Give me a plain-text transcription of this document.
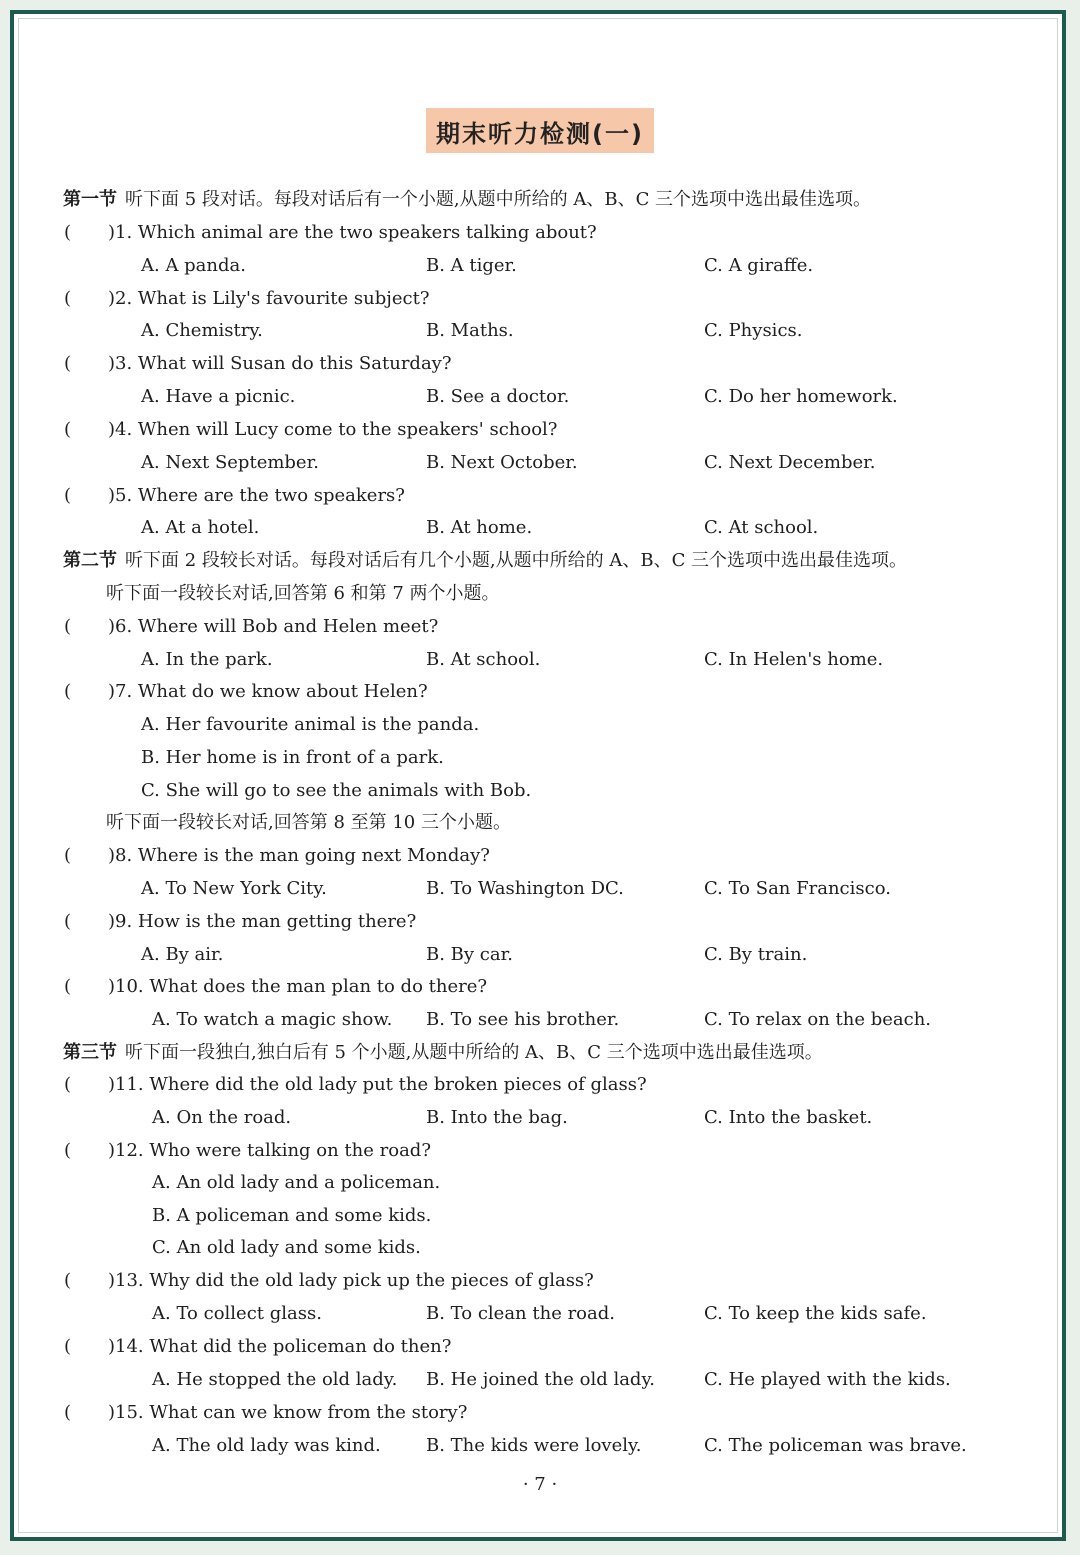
期末听力检测(一)
第一节 听下面 5 段对话。每段对话后有一个小题,从题中所给的 A、B、C 三个选项中选出最佳选项。
( )1. Which animal are the two speakers talking about?
A. A panda.	B. A tiger.	C. A giraffe.
( )2. What is Lily's favourite subject?
A. Chemistry.	B. Maths.	C. Physics.
( )3. What will Susan do this Saturday?
A. Have a picnic.	B. See a doctor.	C. Do her homework.
( )4. When will Lucy come to the speakers' school?
A. Next September.	B. Next October.	C. Next December.
( )5. Where are the two speakers?
A. At a hotel.	B. At home.	C. At school.
第二节 听下面 2 段较长对话。每段对话后有几个小题,从题中所给的 A、B、C 三个选项中选出最佳选项。
听下面一段较长对话,回答第 6 和第 7 两个小题。
( )6. Where will Bob and Helen meet?
A. In the park.	B. At school.	C. In Helen's home.
( )7. What do we know about Helen?
A. Her favourite animal is the panda.
B. Her home is in front of a park.
C. She will go to see the animals with Bob.
听下面一段较长对话,回答第 8 至第 10 三个小题。
( )8. Where is the man going next Monday?
A. To New York City.	B. To Washington DC.	C. To San Francisco.
( )9. How is the man getting there?
A. By air.	B. By car.	C. By train.
( )10. What does the man plan to do there?
A. To watch a magic show. B. To see his brother.	C. To relax on the beach.
第三节 听下面一段独白,独白后有 5 个小题,从题中所给的 A、B、C 三个选项中选出最佳选项。
( )11. Where did the old lady put the broken pieces of glass?
A. On the road.	B. Into the bag.	C. Into the basket.
( )12. Who were talking on the road?
A. An old lady and a policeman.
B. A policeman and some kids.
C. An old lady and some kids.
( )13. Why did the old lady pick up the pieces of glass?
A. To collect glass.	B. To clean the road.	C. To keep the kids safe.
( )14. What did the policeman do then?
A. He stopped the old lady. B. He joined the old lady.	C. He played with the kids.
( )15. What can we know from the story?
A. The old lady was kind.	B. The kids were lovely.	C. The policeman was brave.
· 7 ·
